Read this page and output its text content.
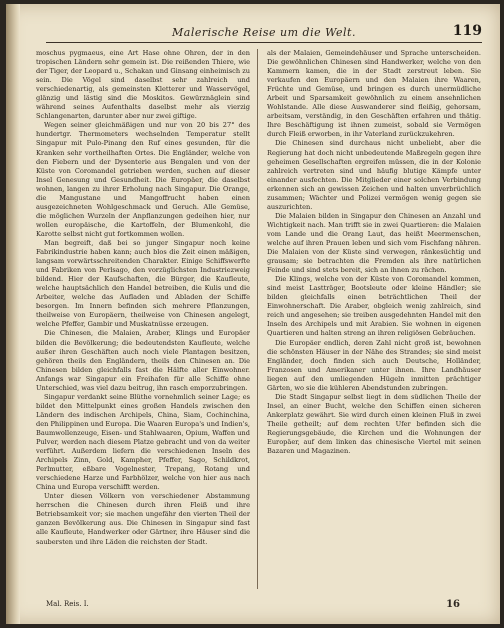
Malerische Reise um die Welt.	119

moschus pygmaeus, eine Art Hase ohne Ohren, der in den tropischen Ländern sehr gemein ist. Die reißenden Thiere, wie der Tiger, der Leopard u., Schakan und Ginsang einheimisch zu sein. Die Vögel sind daselbst sehr zahlreich und verschiedenartig, als gemeinsten Kletterer und Wasservögel, glänzig und lästig sind die Moskitos. Gewürznäglein sind während seines Aufenthalts daselbst mehr als vierzig Schlangenarten, darunter aber nur zwei giftige.

Wegen seiner gleichmäßigen und nur von 20 bis 27° des hundertgr. Thermometers wechselnden Temperatur stellt Singapur mit Pulo-Pinang den Ruf eines gesunden, für die Kranken sehr vortheilhaften Ortes. Die Engländer, welche von den Fiebern und der Dysenterie aus Bengalen und von der Küste von Coromandel getrieben werden, suchen auf dieser Insel Genesung und Gesundheit. Die Europäer, die daselbst wohnen, langen zu ihrer Erholung nach Singapur. Die Orange, die Mangustane und Mangoffrucht haben einen ausgezeichneten Wohlgeschmack und Geruch. Alle Gemüse, die möglichen Wurzeln der Anpflanzungen gedeihen hier, nur wollen europäische, die Kartoffeln, der Blumenkohl, die Karotte selbst nicht gut fortkommen wollen.

Man begreift, daß bei so junger Singapur noch keine Fabrikindustrie haben kann; auch blos die Zeit einen mäßigen, langsam vorwärtsschreitenden Charakter. Einige Schiffswerfte und Fabriken von Perlsago, den vorzüglichsten Industriezweig bildend. Hier der Kaufschaften, die Bürger, die Kaufleute, welche hauptsächlich den Handel betreiben, die Kulis und die Arbeiter, welche das Aufladen und Abladen der Schiffe besorgen. Im Innern befinden sich mehrere Pflanzungen, theilweise von Europäern, theilweise von Chinesen angelegt, welche Pfeffer, Gambir und Muskatnüsse erzeugen.

Die Chinesen, die Malaien, Araber, Klings und Europäer bilden die Bevölkerung; die bedeutendsten Kaufleute, welche außer ihren Geschäften auch noch viele Plantagen besitzen, gehören theils den Engländern, theils den Chinesen an. Die Chinesen bilden gleichfalls fast die Hälfte aller Einwohner. Anfangs war Singapur ein Freihafen für alle Schiffe ohne Unterschied, was viel dazu beitrug, ihn rasch emporzubringen.

Singapur verdankt seine Blüthe vornehmlich seiner Lage; es bildet den Mittelpunkt eines großen Handels zwischen den Ländern des indischen Archipels, China, Siam, Cochinchina, den Philippinen und Europa. Die Waaren Europa's und Indien's, Baumwollenzeuge, Eisen- und Stahlwaaren, Opium, Waffen und Pulver, werden nach diesem Platze gebracht und von da weiter verführt. Außerdem liefern die verschiedenen Inseln des Archipels Zinn, Gold, Kampher, Pfeffer, Sago, Schildkrot, Perlmutter, eßbare Vogelnester, Trepang, Rotang und verschiedene Harze und Farbhölzer, welche von hier aus nach China und Europa verschifft werden.

Unter diesen Völkern von verschiedener Abstammung herrschen die Chinesen durch ihren Fleiß und ihre Betriebsamkeit vor; sie machen ungefähr den vierten Theil der ganzen Bevölkerung aus. Die Chinesen in Singapur sind fast alle Kaufleute, Handwerker oder Gärtner, ihre Häuser sind die saubersten und ihre Läden die reichsten der Stadt.

als der Malaien, Gemeindehäuser und Sprache unterscheiden. Die gewöhnlichen Chinesen sind Handwerker, welche von den Kammern kamen, die in der Stadt zerstreut leben. Sie verkaufen den Europäern und den Malaien ihre Waaren, Früchte und Gemüse, und bringen es durch unermüdliche Arbeit und Sparsamkeit gewöhnlich zu einem ansehnlichen Wohlstande. Alle diese Auswanderer sind fleißig, gehorsam, arbeitsam, verständig, in den Geschäften erfahren und thätig. Ihre Beschäftigung ist ihnen zumeist, sobald sie Vermögen durch Fleiß erworben, in ihr Vaterland zurückzukehren.

Die Chinesen sind durchaus nicht unbeliebt, aber die Regierung hat doch nicht unbedeutende Maßregeln gegen ihre geheimen Gesellschaften ergreifen müssen, die in der Kolonie zahlreich vertreten sind und häufig blutige Kämpfe unter einander ausfechten. Die Mitglieder einer solchen Verbindung erkennen sich an gewissen Zeichen und halten unverbrüchlich zusammen; Wächter und Polizei vermögen wenig gegen sie auszurichten.

Die Malaien bilden in Singapur den Chinesen an Anzahl und Wichtigkeit nach. Man trifft sie in zwei Quartieren: die Malaien vom Lande und die Orang Laut, das heißt Meermenschen, welche auf ihren Prauen leben und sich vom Fischfang nähren. Die Malaien von der Küste sind verwegen, ränkesüchtig und grausam; sie betrachten die Fremden als ihre natürlichen Feinde und sind stets bereit, sich an ihnen zu rächen.

Die Klings, welche von der Küste von Coromandel kommen, sind meist Lastträger, Bootsleute oder kleine Händler; sie bilden gleichfalls einen beträchtlichen Theil der Einwohnerschaft. Die Araber, obgleich wenig zahlreich, sind reich und angesehen; sie treiben ausgedehnten Handel mit den Inseln des Archipels und mit Arabien. Sie wohnen in eigenen Quartieren und halten streng an ihren religiösen Gebräuchen.

Die Europäer endlich, deren Zahl nicht groß ist, bewohnen die schönsten Häuser in der Nähe des Strandes; sie sind meist Engländer, doch finden sich auch Deutsche, Holländer, Franzosen und Amerikaner unter ihnen. Ihre Landhäuser liegen auf den umliegenden Hügeln inmitten prächtiger Gärten, wo sie die kühleren Abendstunden zubringen.

Die Stadt Singapur selbst liegt in dem südlichen Theile der Insel, an einer Bucht, welche den Schiffen einen sicheren Ankerplatz gewährt. Sie wird durch einen kleinen Fluß in zwei Theile getheilt; auf dem rechten Ufer befinden sich die Regierungsgebäude, die Kirchen und die Wohnungen der Europäer, auf dem linken das chinesische Viertel mit seinen Bazaren und Magazinen.

Mal. Reis. I.	16
